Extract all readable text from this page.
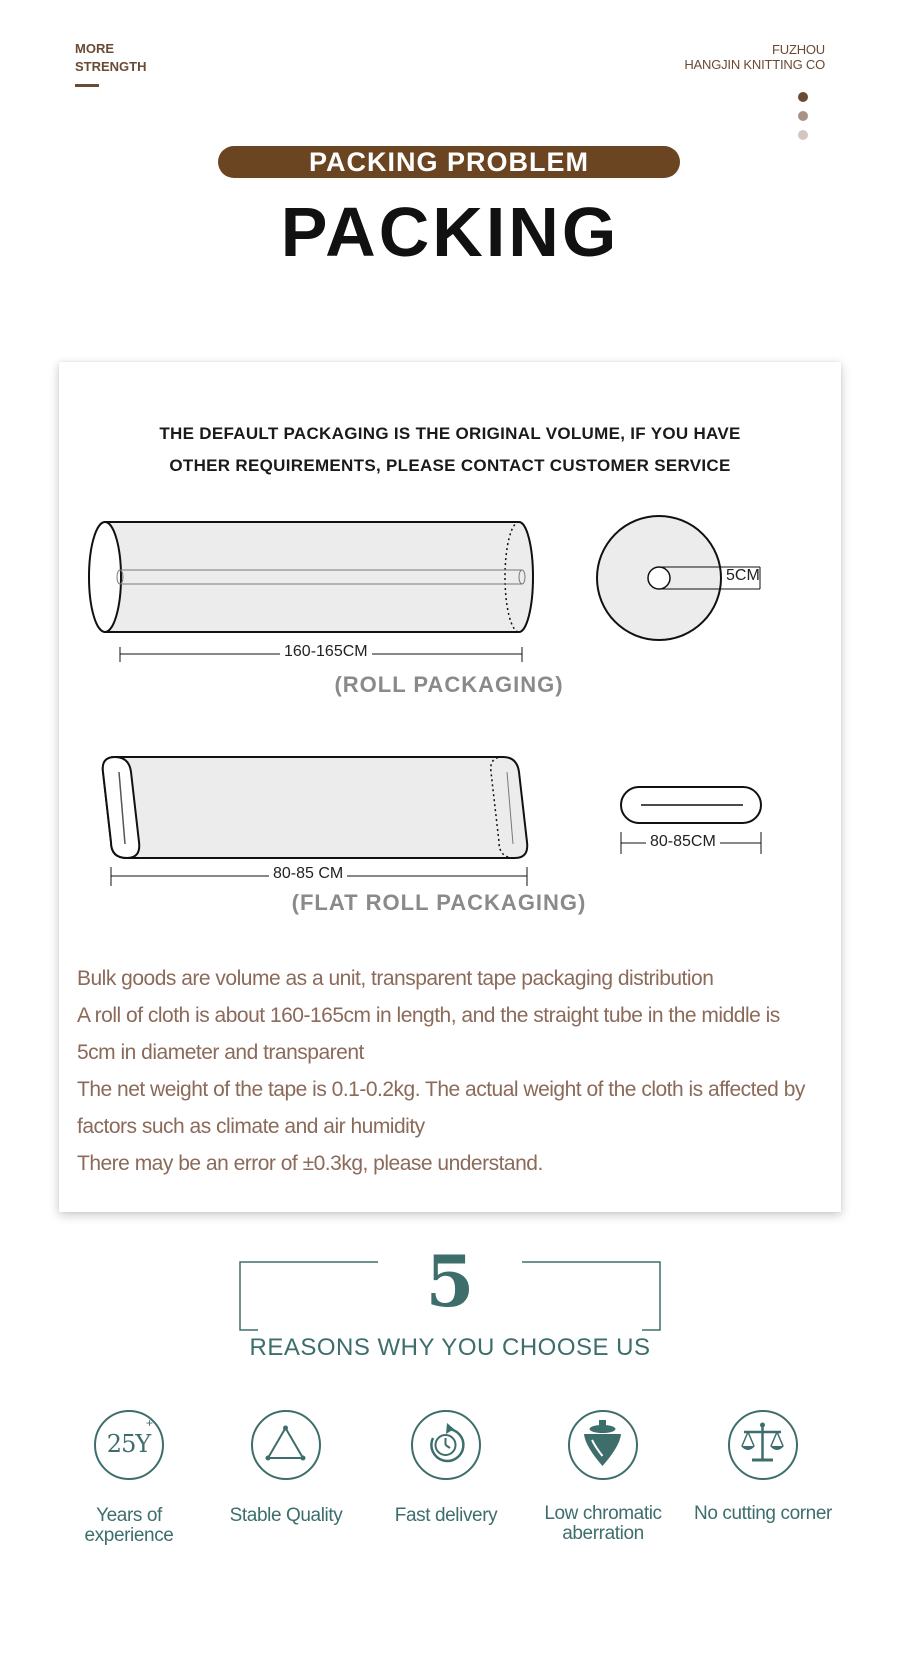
MORE
STRENGTH
FUZHOU
HANGJIN KNITTING CO
PACKING PROBLEM
PACKING
THE DEFAULT PACKAGING IS THE ORIGINAL VOLUME, IF YOU HAVE
OTHER REQUIREMENTS, PLEASE CONTACT CUSTOMER SERVICE
160-165CM
5CM
(ROLL PACKAGING)
80-85 CM
80-85CM
(FLAT ROLL PACKAGING)

Bulk goods are volume as a unit, transparent tape packaging distribution

A roll of cloth is about 160-165cm in length, and the straight tube in the middle is 5cm in diameter and transparent

The net weight of the tape is 0.1-0.2kg. The actual weight of the cloth is affected by factors such as climate and air humidity

There may be an error of ±0.3kg, please understand.

5
REASONS WHY YOU CHOOSE US
25Y
+
Years of
experience
Stable Quality	Fast delivery	Low chromatic
aberration
No cutting corner
